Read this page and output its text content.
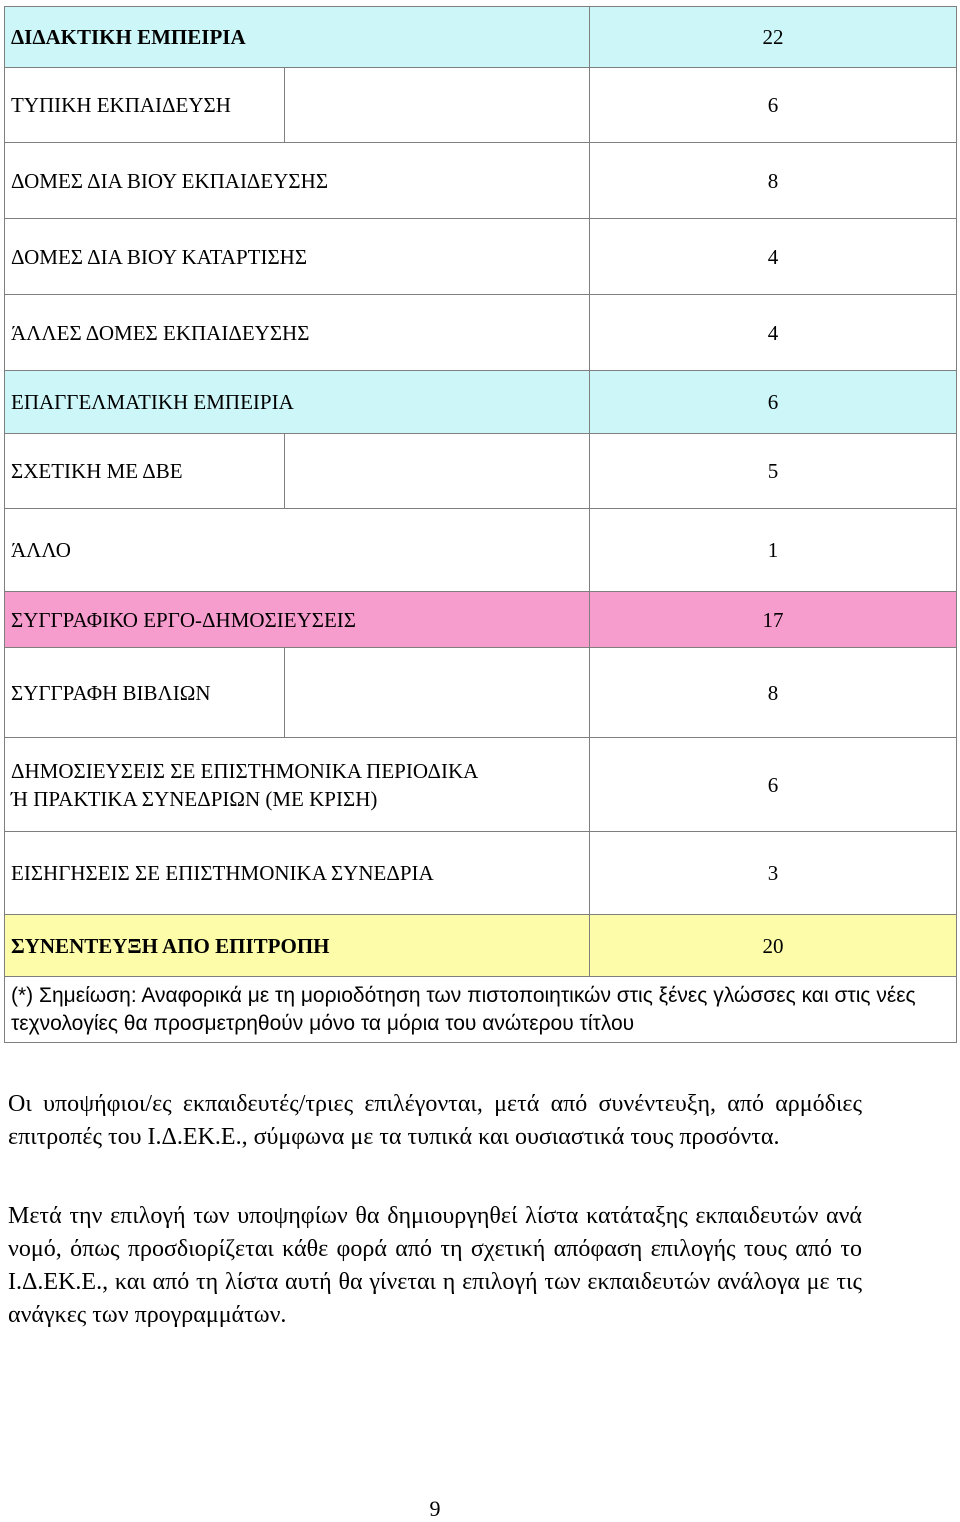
ΔΙΔΑΚΤΙΚΗ ΕΜΠΕΙΡΙΑ		22
ΤΥΠΙΚΗ ΕΚΠΑΙΔΕΥΣΗ		6
ΔΟΜΕΣ ΔΙΑ ΒΙΟΥ ΕΚΠΑΙΔΕΥΣΗΣ		8
ΔΟΜΕΣ ΔΙΑ ΒΙΟΥ ΚΑΤΑΡΤΙΣΗΣ		4
ΆΛΛΕΣ ΔΟΜΕΣ ΕΚΠΑΙΔΕΥΣΗΣ		4
ΕΠΑΓΓΕΛΜΑΤΙΚΗ ΕΜΠΕΙΡΙΑ		6
ΣΧΕΤΙΚΗ ΜΕ ΔΒΕ		5
ΆΛΛΟ		1
ΣΥΓΓΡΑΦΙΚΟ ΕΡΓΟ-ΔΗΜΟΣΙΕΥΣΕΙΣ		17
ΣΥΓΓΡΑΦΗ ΒΙΒΛΙΩΝ		8
ΔΗΜΟΣΙΕΥΣΕΙΣ ΣΕ ΕΠΙΣΤΗΜΟΝΙΚΑ ΠΕΡΙΟΔΙΚΑ
Ή ΠΡΑΚΤΙΚΑ ΣΥΝΕΔΡΙΩΝ (ΜΕ ΚΡΙΣΗ)		6
ΕΙΣΗΓΗΣΕΙΣ ΣΕ ΕΠΙΣΤΗΜΟΝΙΚΑ ΣΥΝΕΔΡΙΑ		3
ΣΥΝΕΝΤΕΥΞΗ ΑΠΟ ΕΠΙΤΡΟΠΗ		20
(*) Σημείωση: Αναφορικά με τη μοριοδότηση των πιστοποιητικών στις ξένες γλώσσες και στις νέες τεχνολογίες θα προσμετρηθούν μόνο τα μόρια του ανώτερου τίτλου		

Οι υποψήφιοι/ες εκπαιδευτές/τριες επιλέγονται, μετά από συνέντευξη, από αρμόδιες επιτροπές του Ι.Δ.ΕΚ.Ε., σύμφωνα με τα τυπικά και ουσιαστικά τους προσόντα.

Μετά την επιλογή των υποψηφίων θα δημιουργηθεί λίστα κατάταξης εκπαιδευτών ανά νομό, όπως προσδιορίζεται κάθε φορά από τη σχετική απόφαση επιλογής τους από το Ι.Δ.ΕΚ.Ε., και από τη λίστα αυτή θα γίνεται η επιλογή των εκπαιδευτών ανάλογα με τις ανάγκες των προγραμμάτων.

9
